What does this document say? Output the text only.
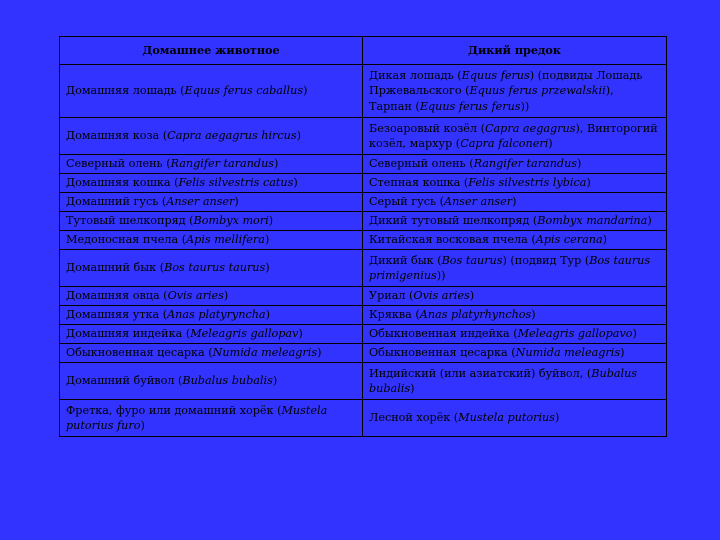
Домашнее животное	Дикий предок
Домашняя лошадь (Equus ferus caballus)	Дикая лошадь (Equus ferus) (подвиды Лошадь Пржевальского (Equus ferus przewalskii), Тарпан (Equus ferus ferus))
Домашняя коза (Capra aegagrus hircus)	Безоаровый козёл (Capra aegagrus), Винторогий козёл, мархур (Capra falconeri)
Северный олень (Rangifer tarandus)	Северный олень (Rangifer tarandus)
Домашняя кошка (Felis silvestris catus)	Степная кошка (Felis silvestris lybica)
Домашний гусь (Anser anser)	Серый гусь (Anser anser)
Тутовый шелкопряд (Bombyx mori)	Дикий тутовый шелкопряд (Bombyx mandarina)
Медоносная пчела (Apis mellifera)	Китайская восковая пчела (Apis cerana)
Домашний бык (Bos taurus taurus)	Дикий бык (Bos taurus) (подвид Тур (Bos taurus primigenius))
Домашняя овца (Ovis aries)	Уриал (Ovis aries)
Домашняя утка (Anas platyryncha)	Кряква (Anas platyrhynchos)
Домашняя индейка (Meleagris gallopav)	Обыкновенная индейка (Meleagris gallopavo)
Обыкновенная цесарка (Numida meleagris)	Обыкновенная цесарка (Numida meleagris)
Домашний буйвол (Bubalus bubalis)	Индийский (или азиатский) буйвол, (Bubalus bubalis)
Фретка, фуро или домашний хорёк (Mustela putorius furo)	Лесной хорёк (Mustela putorius)
